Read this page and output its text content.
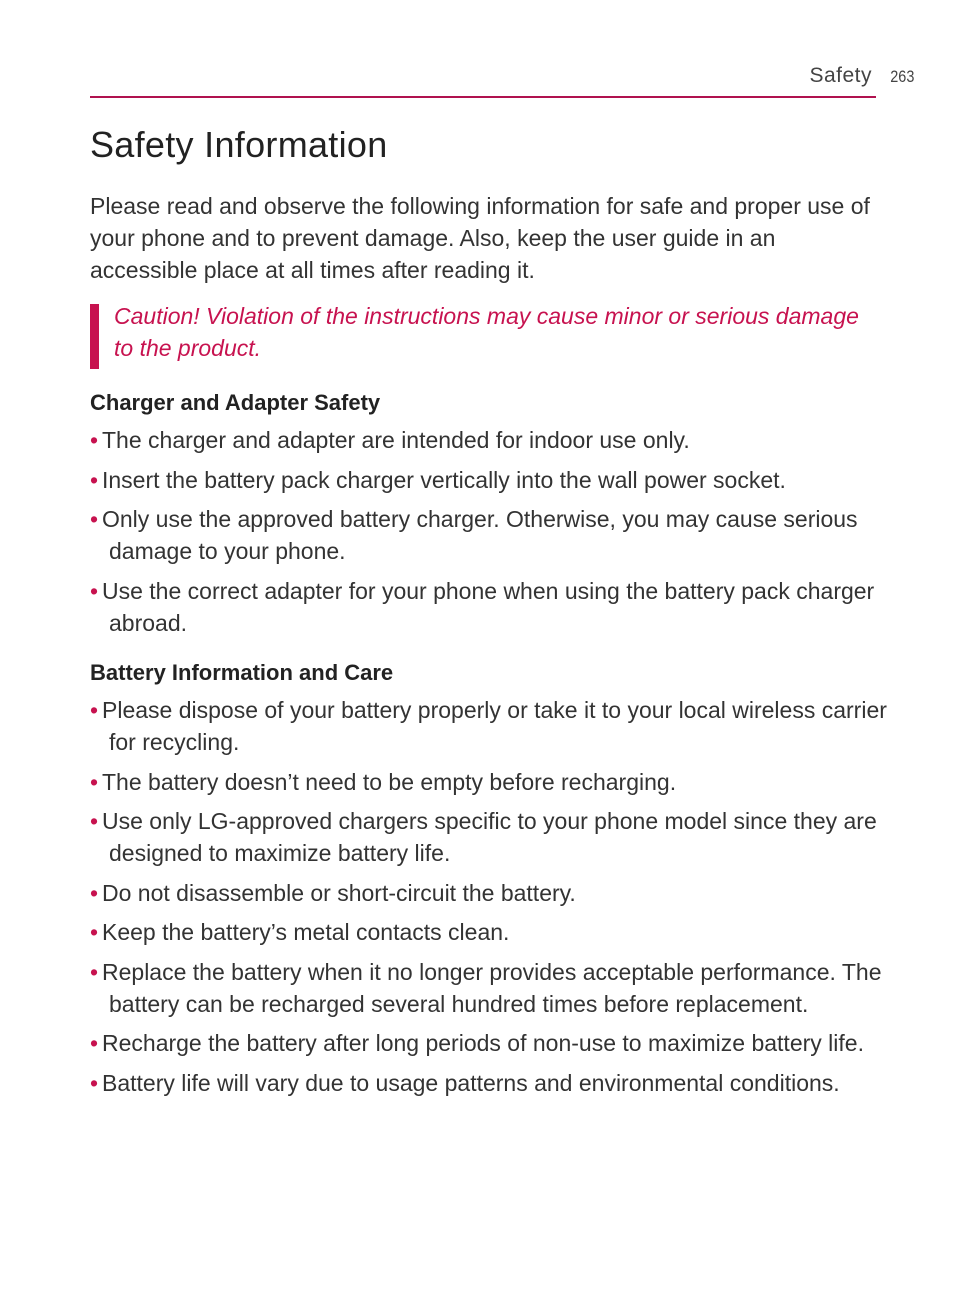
Safety 263
Safety Information

Please read and observe the following information for safe and proper use of your phone and to prevent damage. Also, keep the user guide in an accessible place at all times after reading it.

Caution! Violation of the instructions may cause minor or serious damage to the product.

Charger and Adapter Safety
• The charger and adapter are intended for indoor use only.
• Insert the battery pack charger vertically into the wall power socket.
• Only use the approved battery charger. Otherwise, you may cause serious damage to your phone.
• Use the correct adapter for your phone when using the battery pack charger abroad.
Battery Information and Care
• Please dispose of your battery properly or take it to your local wireless carrier for recycling.
• The battery doesn’t need to be empty before recharging.
• Use only LG-approved chargers specific to your phone model since they are designed to maximize battery life.
• Do not disassemble or short-circuit the battery.
• Keep the battery’s metal contacts clean.
• Replace the battery when it no longer provides acceptable performance. The battery can be recharged several hundred times before replacement.
• Recharge the battery after long periods of non-use to maximize battery life.
• Battery life will vary due to usage patterns and environmental conditions.
